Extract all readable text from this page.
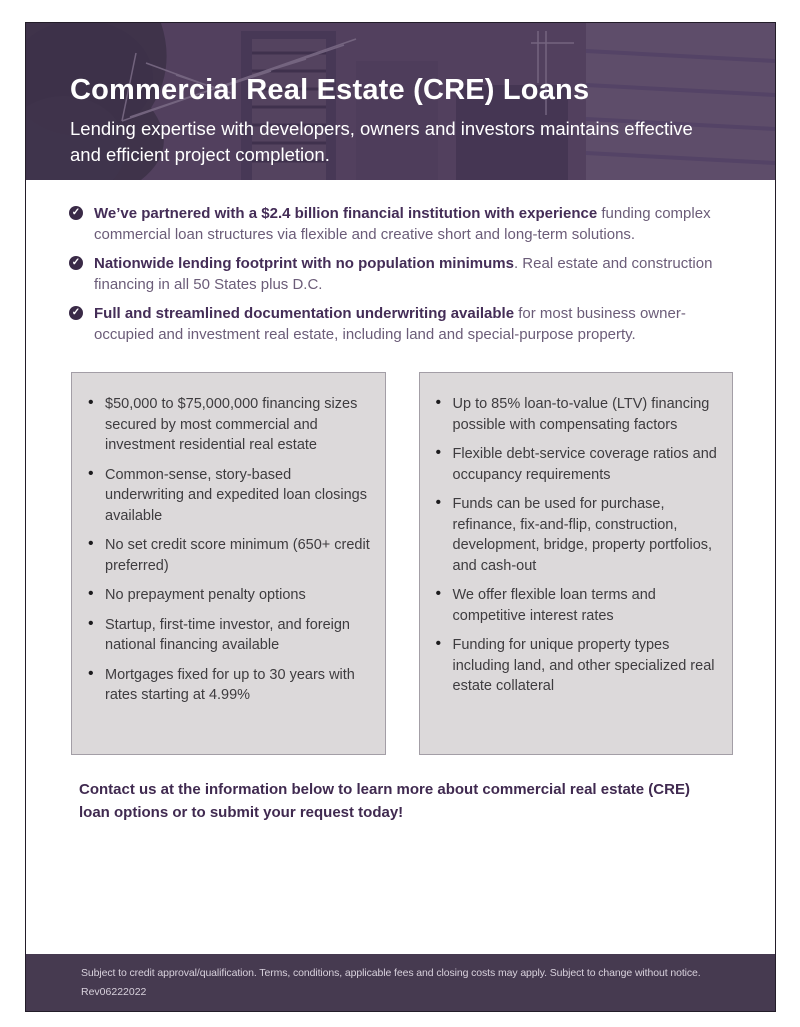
Commercial Real Estate (CRE) Loans
Lending expertise with developers, owners and investors maintains effective and efficient project completion.
✓ We’ve partnered with a $2.4 billion financial institution with experience funding complex commercial loan structures via flexible and creative short and long-term solutions.

✓ Nationwide lending footprint with no population minimums. Real estate and construction financing in all 50 States plus D.C.

✓ Full and streamlined documentation underwriting available for most business owner-occupied and investment real estate, including land and special-purpose property.

• $50,000 to $75,000,000 financing sizes secured by most commercial and investment residential real estate
• Common-sense, story-based underwriting and expedited loan closings available
• No set credit score minimum (650+ credit preferred)
• No prepayment penalty options
• Startup, first-time investor, and foreign national financing available
• Mortgages fixed for up to 30 years with rates starting at 4.99%
• Up to 85% loan-to-value (LTV) financing possible with compensating factors
• Flexible debt-service coverage ratios and occupancy requirements
• Funds can be used for purchase, refinance, fix-and-flip, construction, development, bridge, property portfolios, and cash-out
• We offer flexible loan terms and competitive interest rates
• Funding for unique property types including land, and other specialized real estate collateral

Contact us at the information below to learn more about commercial real estate (CRE) loan options or to submit your request today!

Subject to credit approval/qualification. Terms, conditions, applicable fees and closing costs may apply. Subject to change without notice.
Rev06222022
